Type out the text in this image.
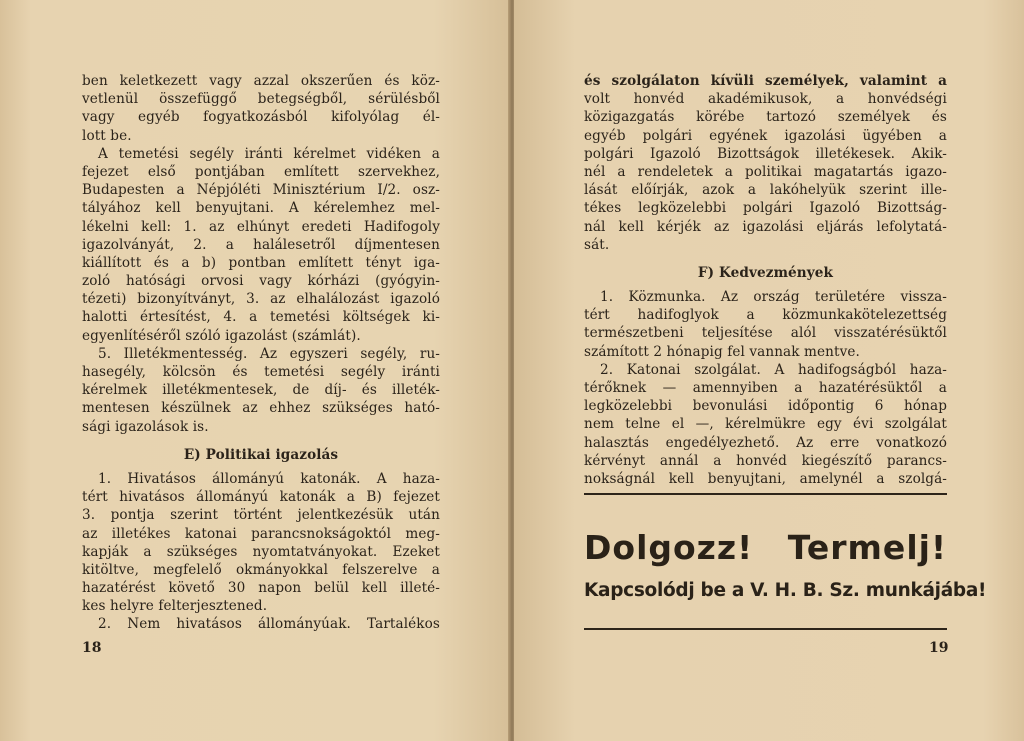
ben keletkezett vagy azzal okszerűen és köz-
vetlenül összefüggő betegségből, sérülésből
vagy egyéb fogyatkozásból kifolyólag él-
lott be.
A temetési segély iránti kérelmet vidéken a
fejezet első pontjában említett szervekhez,
Budapesten a Népjóléti Minisztérium I/2. osz-
tályához kell benyujtani. A kérelemhez mel-
lékelni kell: 1. az elhúnyt eredeti Hadifogoly
igazolványát, 2. a halálesetről díjmentesen
kiállított és a b) pontban említett tényt iga-
zoló hatósági orvosi vagy kórházi (gyógyin-
tézeti) bizonyítványt, 3. az elhalálozást igazoló
halotti értesítést, 4. a temetési költségek ki-
egyenlítéséről szóló igazolást (számlát).
5. Illetékmentesség. Az egyszeri segély, ru-
hasegély, kölcsön és temetési segély iránti
kérelmek illetékmentesek, de díj- és illeték-
mentesen készülnek az ehhez szükséges ható-
sági igazolások is.
E) Politikai igazolás
1. Hivatásos állományú katonák. A haza-
tért hivatásos állományú katonák a B) fejezet
3. pontja szerint történt jelentkezésük után
az illetékes katonai parancsnokságoktól meg-
kapják a szükséges nyomtatványokat. Ezeket
kitöltve, megfelelő okmányokkal felszerelve a
hazatérést követő 30 napon belül kell illeté-
kes helyre felterjesztened.
2. Nem hivatásos állományúak. Tartalékos
18
és szolgálaton kívüli személyek, valamint a
volt honvéd akadémikusok, a honvédségi
közigazgatás körébe tartozó személyek és
egyéb polgári egyének igazolási ügyében a
polgári Igazoló Bizottságok illetékesek. Akik-
nél a rendeletek a politikai magatartás igazo-
lását előírják, azok a lakóhelyük szerint ille-
tékes legközelebbi polgári Igazoló Bizottság-
nál kell kérjék az igazolási eljárás lefolytatá-
sát.
F) Kedvezmények
1. Közmunka. Az ország területére vissza-
tért hadifoglyok a közmunkakötelezettség
természetbeni teljesítése alól visszatérésüktől
számított 2 hónapig fel vannak mentve.
2. Katonai szolgálat. A hadifogságból haza-
térőknek — amennyiben a hazatérésüktől a
legközelebbi bevonulási időpontig 6 hónap
nem telne el —, kérelmükre egy évi szolgálat
halasztás engedélyezhető. Az erre vonatkozó
kérvényt annál a honvéd kiegészítő parancs-
nokságnál kell benyujtani, amelynél a szolgá-
Dolgozz! Termelj!
Kapcsolódj be a V. H. B. Sz. munkájába!
19
